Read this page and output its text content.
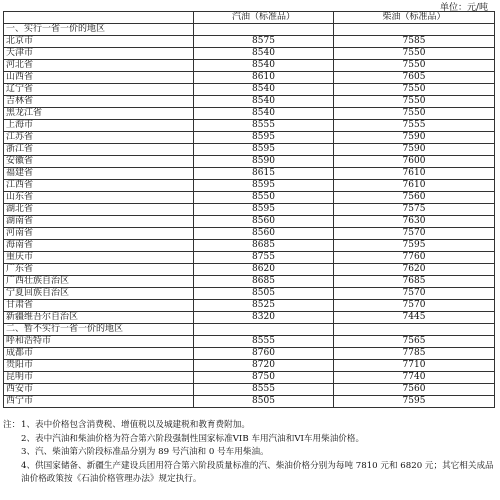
单位：元/吨
	汽油（标准品）	柴油（标准品）
一、实行一省一价的地区		
北京市	8575	7585
天津市	8540	7550
河北省	8540	7550
山西省	8610	7605
辽宁省	8540	7550
吉林省	8540	7550
黑龙江省	8540	7550
上海市	8555	7555
江苏省	8595	7590
浙江省	8595	7590
安徽省	8590	7600
福建省	8615	7610
江西省	8595	7610
山东省	8550	7560
湖北省	8595	7575
湖南省	8560	7630
河南省	8560	7570
海南省	8685	7595
重庆市	8755	7760
广东省	8620	7620
广西壮族自治区	8685	7685
宁夏回族自治区	8505	7570
甘肃省	8525	7570
新疆维吾尔自治区	8320	7445
二、暂不实行一省一价的地区		
呼和浩特市	8555	7565
成都市	8760	7785
贵阳市	8720	7710
昆明市	8750	7740
西安市	8555	7560
西宁市	8505	7595
注： 1、表中价格包含消费税、增值税以及城建税和教育费附加。
2、表中汽油和柴油价格为符合第六阶段强制性国家标准VIB 车用汽油和VI车用柴油价格。
3、汽、柴油第六阶段标准品分别为 89 号汽油和 0 号车用柴油。
4、供国家储备、新疆生产建设兵团用符合第六阶段质量标准的汽、柴油价格分别为每吨 7810 元和 6820 元；其它相关成品油价格政策按《石油价格管理办法》规定执行。
